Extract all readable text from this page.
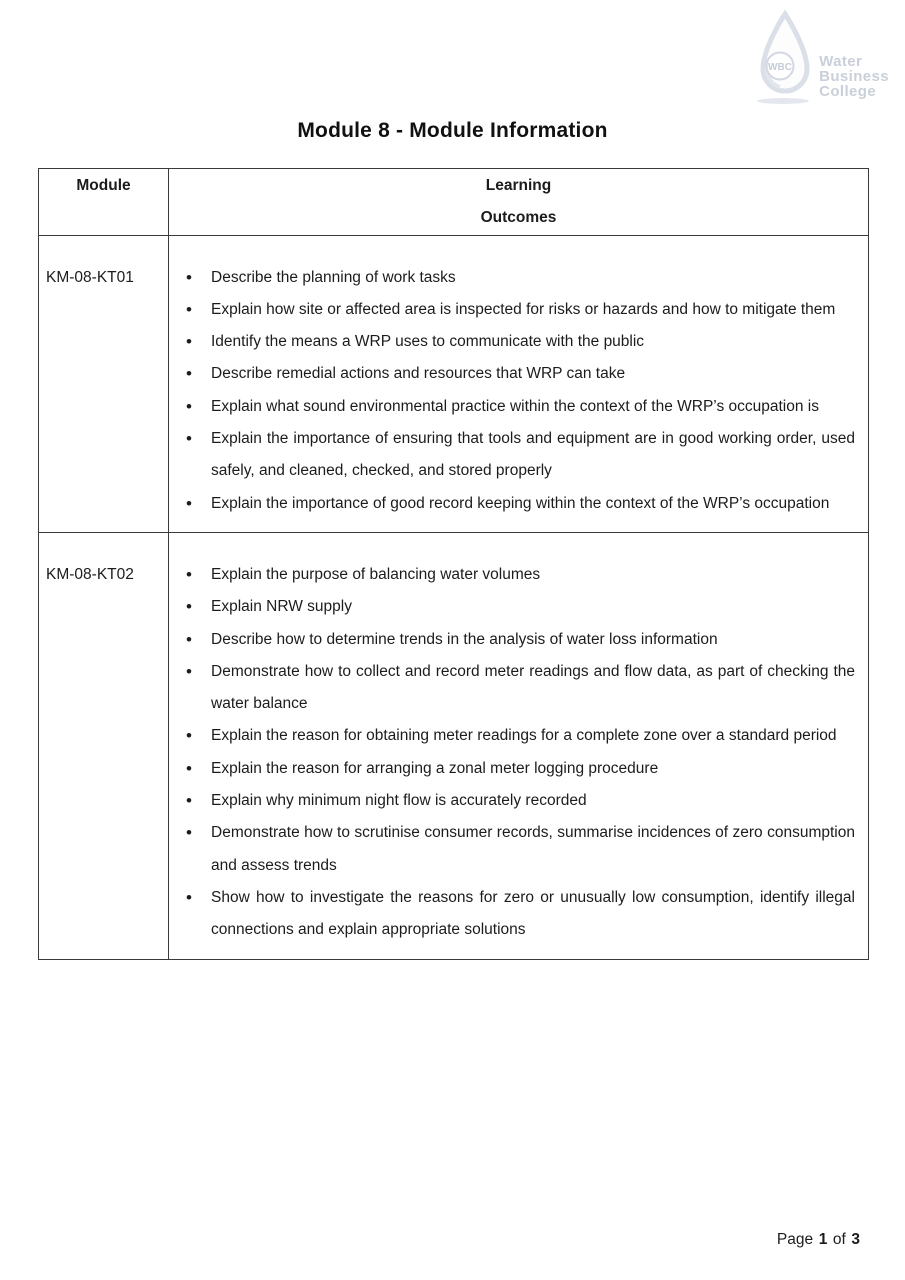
WBC Water
Business
College
Module 8 - Module Information
Module	Learning
Outcomes

KM-08-KT01	
•Describe the planning of work tasks
• Explain how site or affected area is inspected for risks or hazards and how to mitigate them
• Identify the means a WRP uses to communicate with the public
• Describe remedial actions and resources that WRP can take
• Explain what sound environmental practice within the context of the WRP’s occupation is
• Explain the importance of ensuring that tools and equipment are in good working order, used safely, and cleaned, checked, and stored properly
• Explain the importance of good record keeping within the context of the WRP’s occupation

KM-08-KT02	
•Explain the purpose of balancing water volumes
• Explain NRW supply
• Describe how to determine trends in the analysis of water loss information
• Demonstrate how to collect and record meter readings and flow data, as part of checking the water balance
• Explain the reason for obtaining meter readings for a complete zone over a standard period
• Explain the reason for arranging a zonal meter logging procedure
• Explain why minimum night flow is accurately recorded
• Demonstrate how to scrutinise consumer records, summarise incidences of zero consumption and assess trends
• Show how to investigate the reasons for zero or unusually low consumption, identify illegal connections and explain appropriate solutions
Page 1 of 3
